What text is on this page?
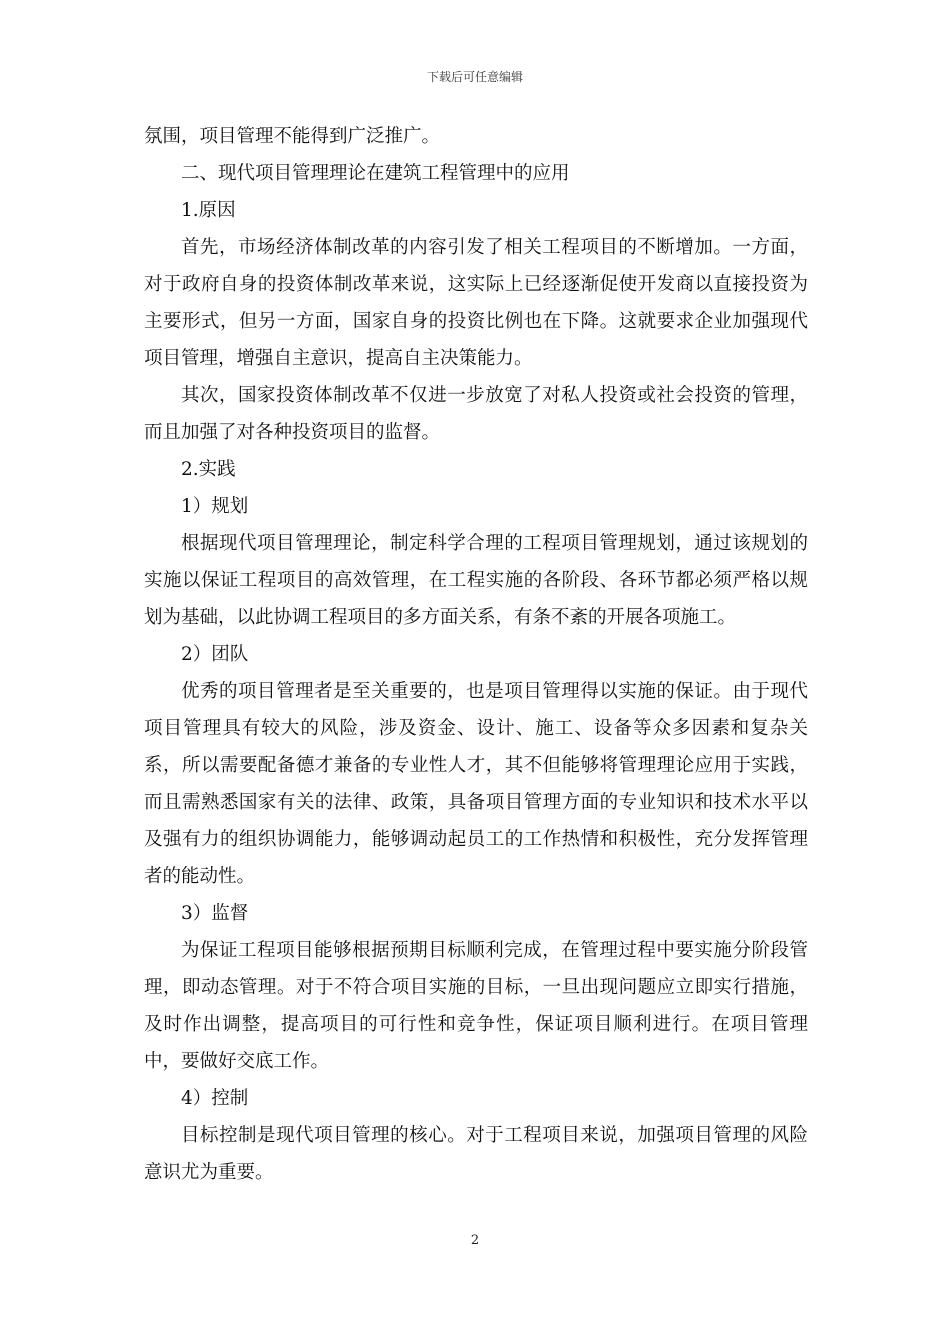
下载后可任意编辑

氛围，项目管理不能得到广泛推广。

二、现代项目管理理论在建筑工程管理中的应用

1.原因

首先，市场经济体制改革的内容引发了相关工程项目的不断增加。一方面，对于政府自身的投资体制改革来说，这实际上已经逐渐促使开发商以直接投资为主要形式，但另一方面，国家自身的投资比例也在下降。这就要求企业加强现代项目管理，增强自主意识，提高自主决策能力。

其次，国家投资体制改革不仅进一步放宽了对私人投资或社会投资的管理，而且加强了对各种投资项目的监督。

2.实践

1）规划

根据现代项目管理理论，制定科学合理的工程项目管理规划，通过该规划的实施以保证工程项目的高效管理，在工程实施的各阶段、各环节都必须严格以规划为基础，以此协调工程项目的多方面关系，有条不紊的开展各项施工。

2）团队

优秀的项目管理者是至关重要的，也是项目管理得以实施的保证。由于现代项目管理具有较大的风险，涉及资金、设计、施工、设备等众多因素和复杂关系，所以需要配备德才兼备的专业性人才，其不但能够将管理理论应用于实践，而且需熟悉国家有关的法律、政策，具备项目管理方面的专业知识和技术水平以及强有力的组织协调能力，能够调动起员工的工作热情和积极性，充分发挥管理者的能动性。

3）监督

为保证工程项目能够根据预期目标顺利完成，在管理过程中要实施分阶段管理，即动态管理。对于不符合项目实施的目标，一旦出现问题应立即实行措施，及时作出调整，提高项目的可行性和竞争性，保证项目顺利进行。在项目管理中，要做好交底工作。

4）控制

目标控制是现代项目管理的核心。对于工程项目来说，加强项目管理的风险意识尤为重要。

2
